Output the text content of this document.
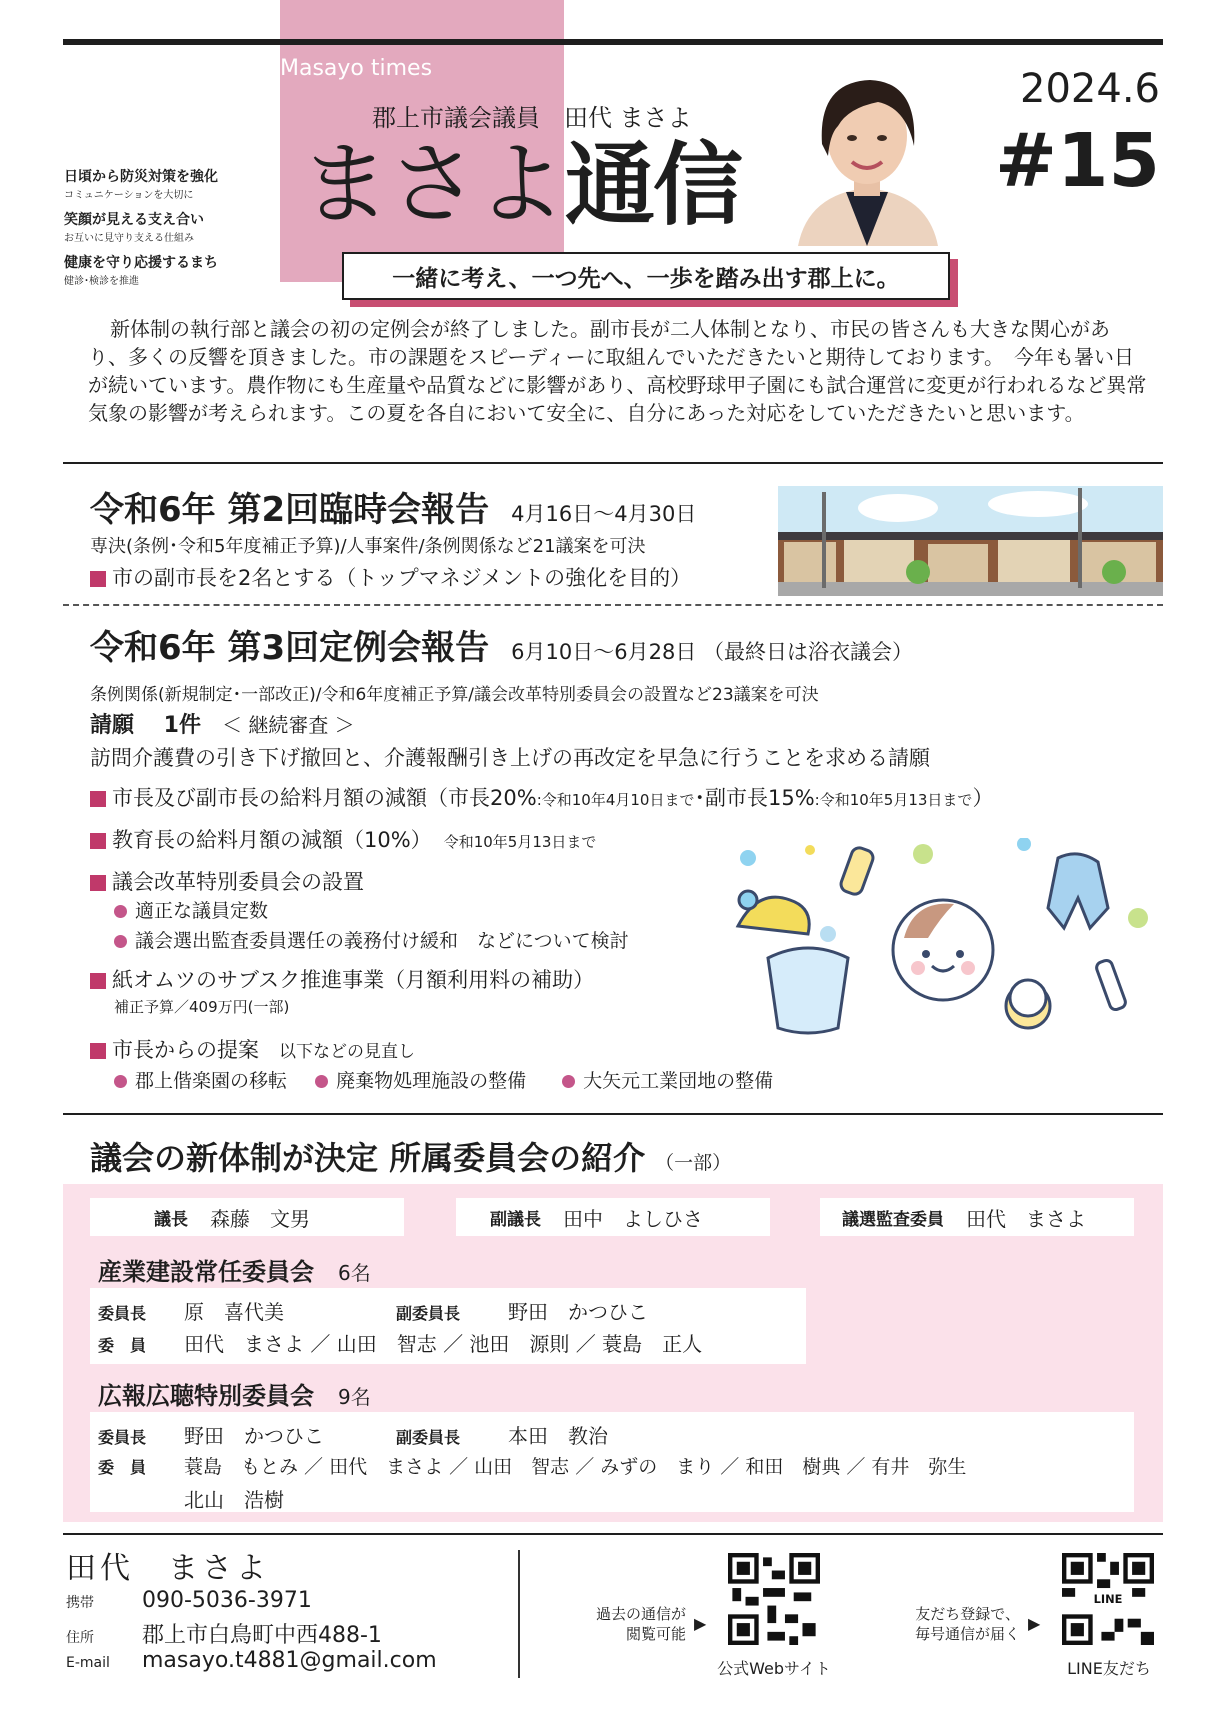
Masayo times
郡上市議会議員　田代 まさよ
まさよ 通信
2024.6
#15
日頃から防災対策を強化
コミュニケーションを大切に
笑顔が見える支え合い
お互いに見守り支える仕組み
健康を守り応援するまち
健診･検診を推進	一緒に考え、一つ先へ、一歩を踏み出す郡上に。
新体制の執行部と議会の初の定例会が終了しました。副市長が二人体制となり、市民の皆さんも大きな関心があり、多くの反響を頂きました。市の課題をスピーディーに取組んでいただきたいと期待しております。　今年も暑い日が続いています。農作物にも生産量や品質などに影響があり、高校野球甲子園にも試合運営に変更が行われるなど異常気象の影響が考えられます。この夏を各自において安全に、自分にあった対応をしていただきたいと思います。
令和6年 第2回臨時会報告 4月16日～4月30日
専決(条例･令和5年度補正予算)/人事案件/条例関係など21議案を可決
市の副市長を2名とする（トップマネジメントの強化を目的）
令和6年 第3回定例会報告 6月10日～6月28日 （最終日は浴衣議会）
条例関係(新規制定･一部改正)/令和6年度補正予算/議会改革特別委員会の設置など23議案を可決
請願　 1件 ＜ 継続審査 ＞
訪問介護費の引き下げ撤回と、介護報酬引き上げの再改定を早急に行うことを求める請願
市長及び副市長の給料月額の減額（市長20%:令和10年4月10日まで･副市長15%:令和10年5月13日まで）
教育長の給料月額の減額（10%） 令和10年5月13日まで
議会改革特別委員会の設置
適正な議員定数
議会選出監査委員選任の義務付け緩和　などについて検討
紙オムツのサブスク推進事業（月額利用料の補助）
補正予算／409万円(一部)
市長からの提案 以下などの見直し
郡上偕楽園の移転	廃棄物処理施設の整備	大矢元工業団地の整備
議会の新体制が決定 所属委員会の紹介 （一部）
議長 森藤　文男	副議長 田中　よしひさ	議選監査委員 田代　まさよ
産業建設常任委員会 6名
委員長 原　喜代美	副委員長 野田　かつひこ
委　員 田代　まさよ ／ 山田　智志 ／ 池田　源則 ／ 蓑島　正人
広報広聴特別委員会 9名
委員長 野田　かつひこ	副委員長 本田　教治
委　員 蓑島　もとみ ／ 田代　まさよ ／ 山田　智志 ／ みずの　まり ／ 和田　樹典 ／ 有井　弥生
北山　浩樹
田代　まさよ
携帯 090-5036-3971
住所 郡上市白鳥町中西488-1
E-mail masayo.t4881@gmail.com
過去の通信が
閲覧可能
▶
公式Webサイト
友だち登録で、
毎号通信が届く
▶
LINE
LINE友だち
